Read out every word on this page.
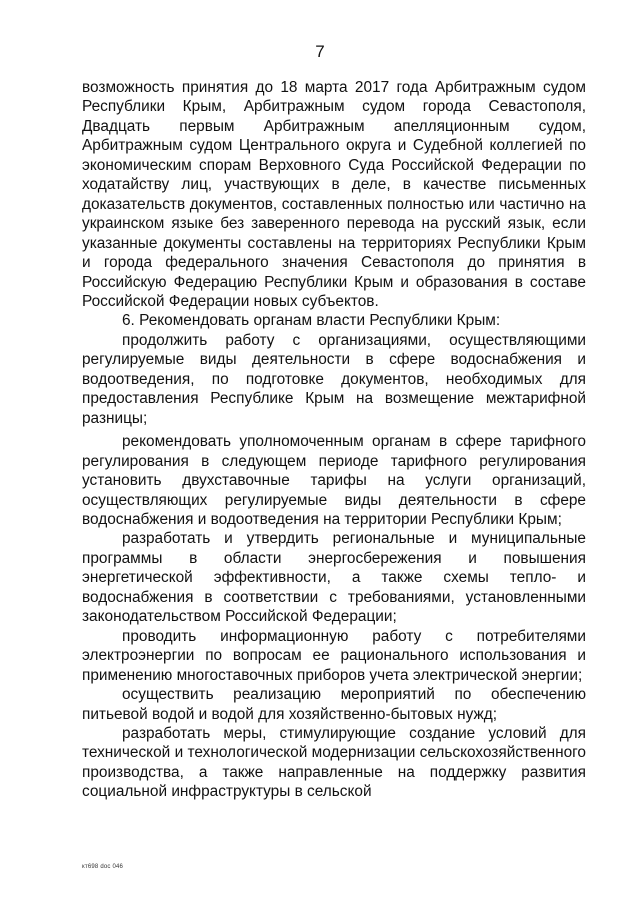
7

возможность принятия до 18 марта 2017 года Арбитражным судом Республики Крым, Арбитражным судом города Севастополя, Двадцать первым Арбитражным апелляционным судом, Арбитражным судом Центрального округа и Судебной коллегией по экономическим спорам Верховного Суда Российской Федерации по ходатайству лиц, участвующих в деле, в качестве письменных доказательств документов, составленных полностью или частично на украинском языке без заверенного перевода на русский язык, если указанные документы составлены на территориях Республики Крым и города федерального значения Севастополя до принятия в Российскую Федерацию Республики Крым и образования в составе Российской Федерации новых субъектов.

6. Рекомендовать органам власти Республики Крым:

продолжить работу с организациями, осуществляющими регулируемые виды деятельности в сфере водоснабжения и водоотведения, по подготовке документов, необходимых для предоставления Республике Крым на возмещение межтарифной разницы;

рекомендовать уполномоченным органам в сфере тарифного регулирования в следующем периоде тарифного регулирования установить двухставочные тарифы на услуги организаций, осуществляющих регулируемые виды деятельности в сфере водоснабжения и водоотведения на территории Республики Крым;

разработать и утвердить региональные и муниципальные программы в области энергосбережения и повышения энергетической эффективности, а также схемы тепло- и водоснабжения в соответствии с требованиями, установленными законодательством Российской Федерации;

проводить информационную работу с потребителями электроэнергии по вопросам ее рационального использования и применению многоставочных приборов учета электрической энергии;

осуществить реализацию мероприятий по обеспечению питьевой водой и водой для хозяйственно-бытовых нужд;

разработать меры, стимулирующие создание условий для технической и технологической модернизации сельскохозяйственного производства, а также направленные на поддержку развития социальной инфраструктуры в сельской

кт698 doc 046
